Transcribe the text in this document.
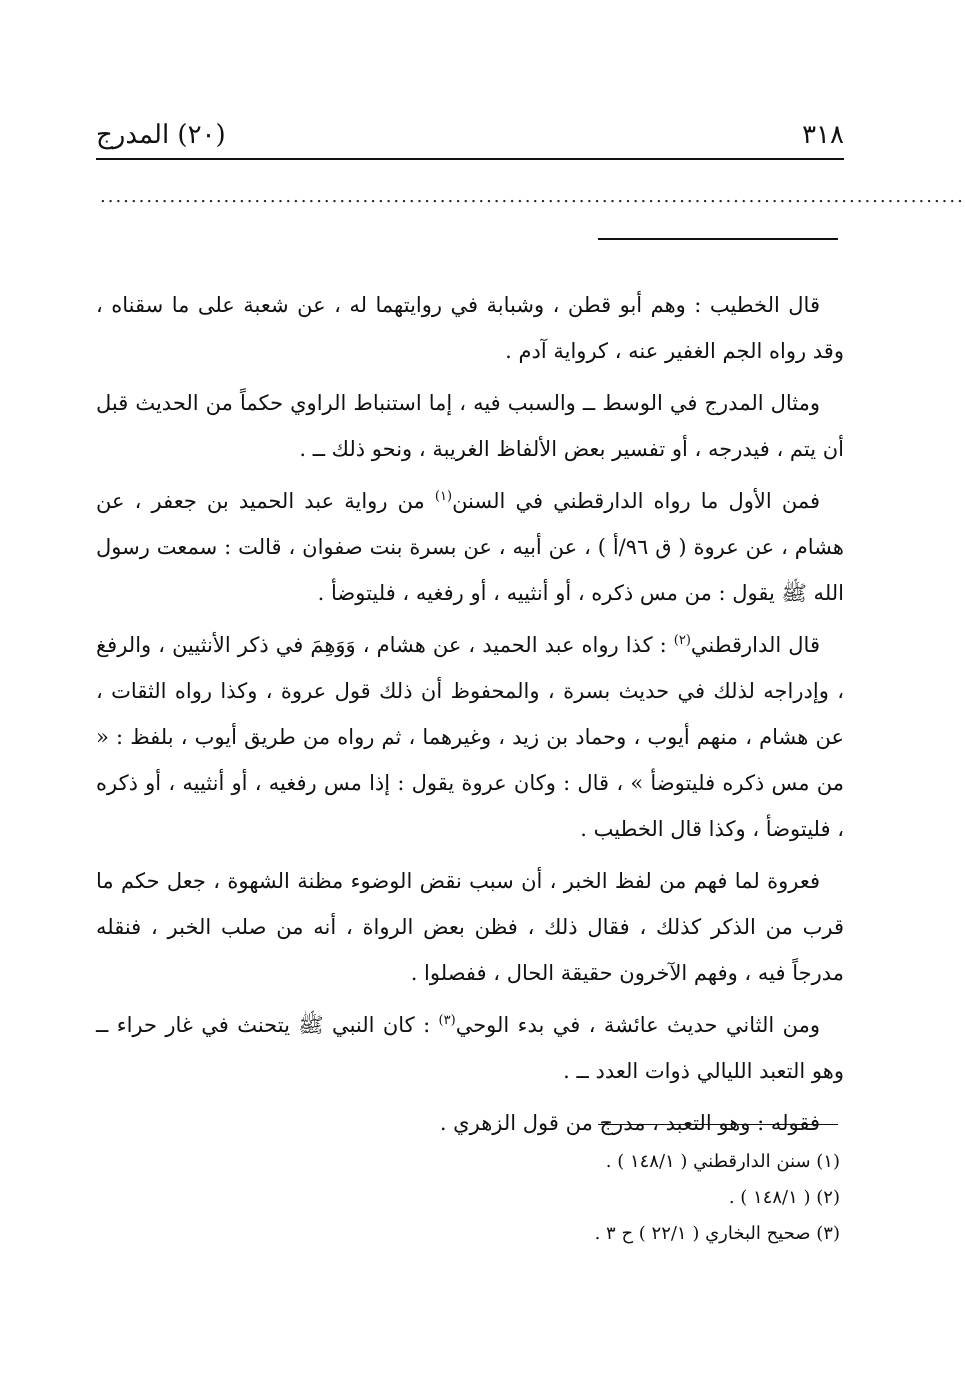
٣١٨
(٢٠) المدرج
................................................................................................................

قال الخطيب : وهم أبو قطن ، وشبابة في روايتهما له ، عن شعبة على ما سقناه ، وقد رواه الجم الغفير عنه ، كرواية آدم .

ومثال المدرج في الوسط ــ والسبب فيه ، إما استنباط الراوي حكماً من الحديث قبل أن يتم ، فيدرجه ، أو تفسير بعض الألفاظ الغريبة ، ونحو ذلك ــ .

فمن الأول ما رواه الدارقطني في السنن$^{(١)}$ من رواية عبد الحميد بن جعفر ، عن هشام ، عن عروة ( ق ٩٦/أ ) ، عن أبيه ، عن بسرة بنت صفوان ، قالت : سمعت رسول الله ﷺ يقول : من مس ذكره ، أو أنثييه ، أو رفغيه ، فليتوضأ .

قال الدارقطني$^{(٢)}$ : كذا رواه عبد الحميد ، عن هشام ، وَوَهِمَ في ذكر الأنثيين ، والرفغ ، وإدراجه لذلك في حديث بسرة ، والمحفوظ أن ذلك قول عروة ، وكذا رواه الثقات ، عن هشام ، منهم أيوب ، وحماد بن زيد ، وغيرهما ، ثم رواه من طريق أيوب ، بلفظ : « من مس ذكره فليتوضأ » ، قال : وكان عروة يقول : إذا مس رفغيه ، أو أنثييه ، أو ذكره ، فليتوضأ ، وكذا قال الخطيب .

فعروة لما فهم من لفظ الخبر ، أن سبب نقض الوضوء مظنة الشهوة ، جعل حكم ما قرب من الذكر كذلك ، فقال ذلك ، فظن بعض الرواة ، أنه من صلب الخبر ، فنقله مدرجاً فيه ، وفهم الآخرون حقيقة الحال ، ففصلوا .

ومن الثاني حديث عائشة ، في بدء الوحي$^{(٣)}$ : كان النبي ﷺ يتحنث في غار حراء ــ وهو التعبد الليالي ذوات العدد ــ .

فقوله : وهو التعبد ، مدرج من قول الزهري .

(١) سنن الدارقطني ( ١٤٨/١ ) .

(٢) ( ١٤٨/١ ) .

(٣) صحيح البخاري ( ٢٢/١ ) ح ٣ .
